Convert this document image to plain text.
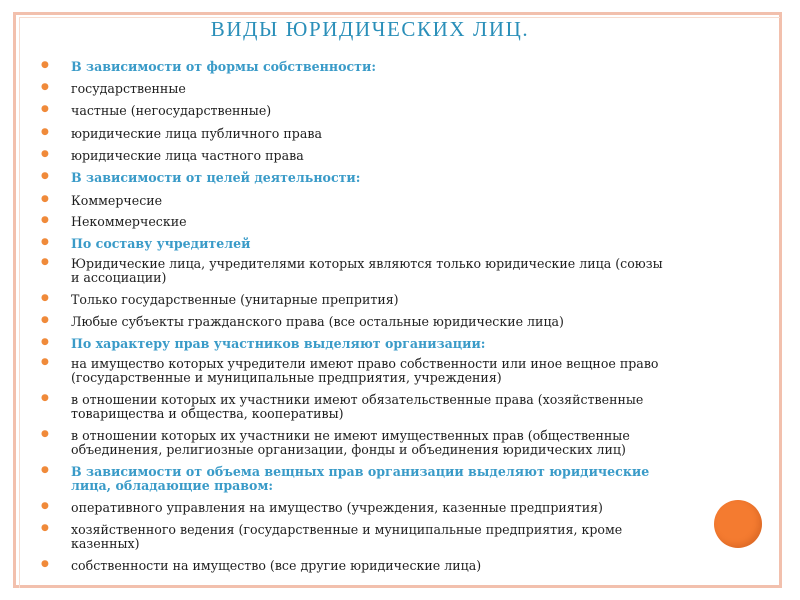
ВИДЫ ЮРИДИЧЕСКИХ ЛИЦ.
● В зависимости от формы собственности:
● государственные
● частные (негосударственные)
● юридические лица публичного права
● юридические лица частного права
● В зависимости от целей деятельности:
● Коммерчесие
● Некоммерческие
● По составу учредителей
● Юридические лица, учредителями которых являются только юридические лица (союзы
и ассоциации)
● Только государственные (унитарные препрития)
● Любые субъекты гражданского права (все остальные юридические лица)
● По характеру прав участников выделяют организации:
● на имущество которых учредители имеют право собственности или иное вещное право
(государственные и муниципальные предприятия, учреждения)
● в отношении которых их участники имеют обязательственные права (хозяйственные
товарищества и общества, кооперативы)
● в отношении которых их участники не имеют имущественных прав (общественные
объединения, религиозные организации, фонды и объединения юридических лиц)
● В зависимости от объема вещных прав организации выделяют юридические
лица, обладающие правом:
● оперативного управления на имущество (учреждения, казенные предприятия)
● хозяйственного ведения (государственные и муниципальные предприятия, кроме
казенных)
● собственности на имущество (все другие юридические лица)
